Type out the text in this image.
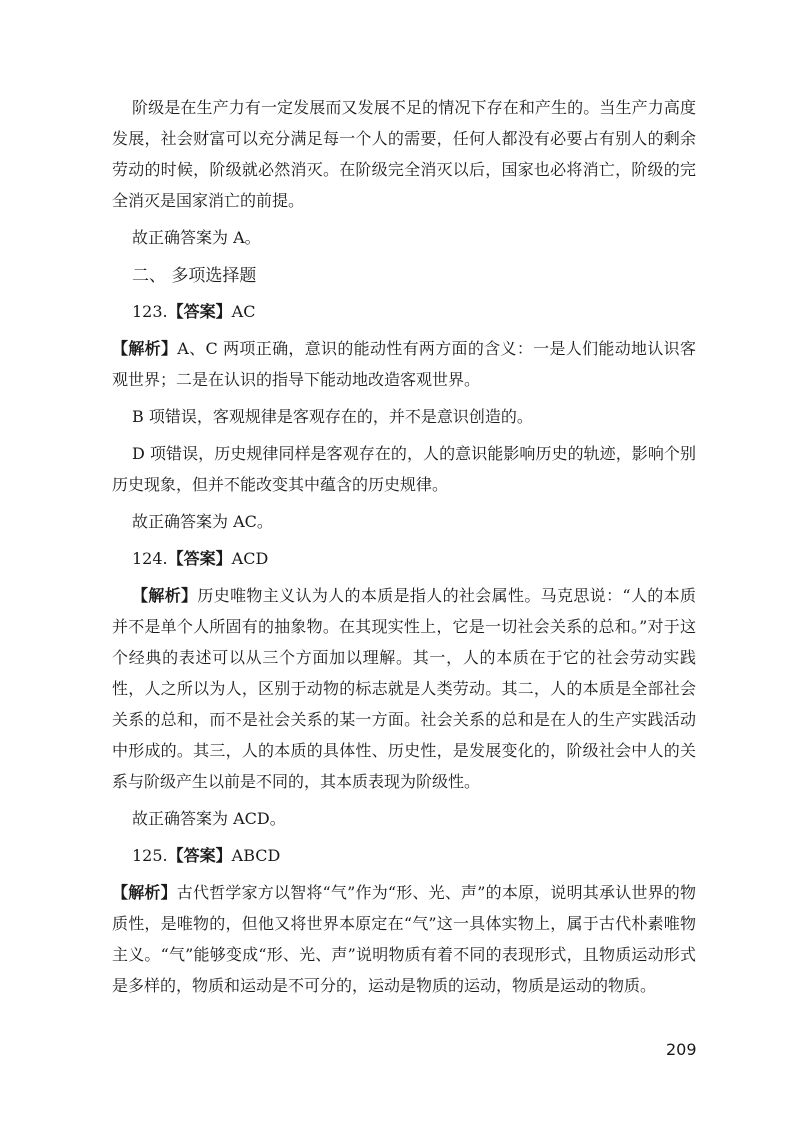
阶级是在生产力有一定发展而又发展不足的情况下存在和产生的。当生产力高度发展，社会财富可以充分满足每一个人的需要，任何人都没有必要占有别人的剩余劳动的时候，阶级就必然消灭。在阶级完全消灭以后，国家也必将消亡，阶级的完全消灭是国家消亡的前提。

故正确答案为 A。

二、 多项选择题

123.【答案】AC

【解析】A、C 两项正确，意识的能动性有两方面的含义：一是人们能动地认识客观世界；二是在认识的指导下能动地改造客观世界。

B 项错误，客观规律是客观存在的，并不是意识创造的。

D 项错误，历史规律同样是客观存在的，人的意识能影响历史的轨迹，影响个别历史现象，但并不能改变其中蕴含的历史规律。

故正确答案为 AC。

124.【答案】ACD

【解析】历史唯物主义认为人的本质是指人的社会属性。马克思说：“人的本质并不是单个人所固有的抽象物。在其现实性上，它是一切社会关系的总和。”对于这个经典的表述可以从三个方面加以理解。其一，人的本质在于它的社会劳动实践性，人之所以为人，区别于动物的标志就是人类劳动。其二，人的本质是全部社会关系的总和，而不是社会关系的某一方面。社会关系的总和是在人的生产实践活动中形成的。其三，人的本质的具体性、历史性，是发展变化的，阶级社会中人的关系与阶级产生以前是不同的，其本质表现为阶级性。

故正确答案为 ACD。

125.【答案】ABCD

【解析】古代哲学家方以智将“气”作为“形、光、声”的本原，说明其承认世界的物质性，是唯物的，但他又将世界本原定在“气”这一具体实物上，属于古代朴素唯物主义。“气”能够变成“形、光、声”说明物质有着不同的表现形式，且物质运动形式是多样的，物质和运动是不可分的，运动是物质的运动，物质是运动的物质。

209
